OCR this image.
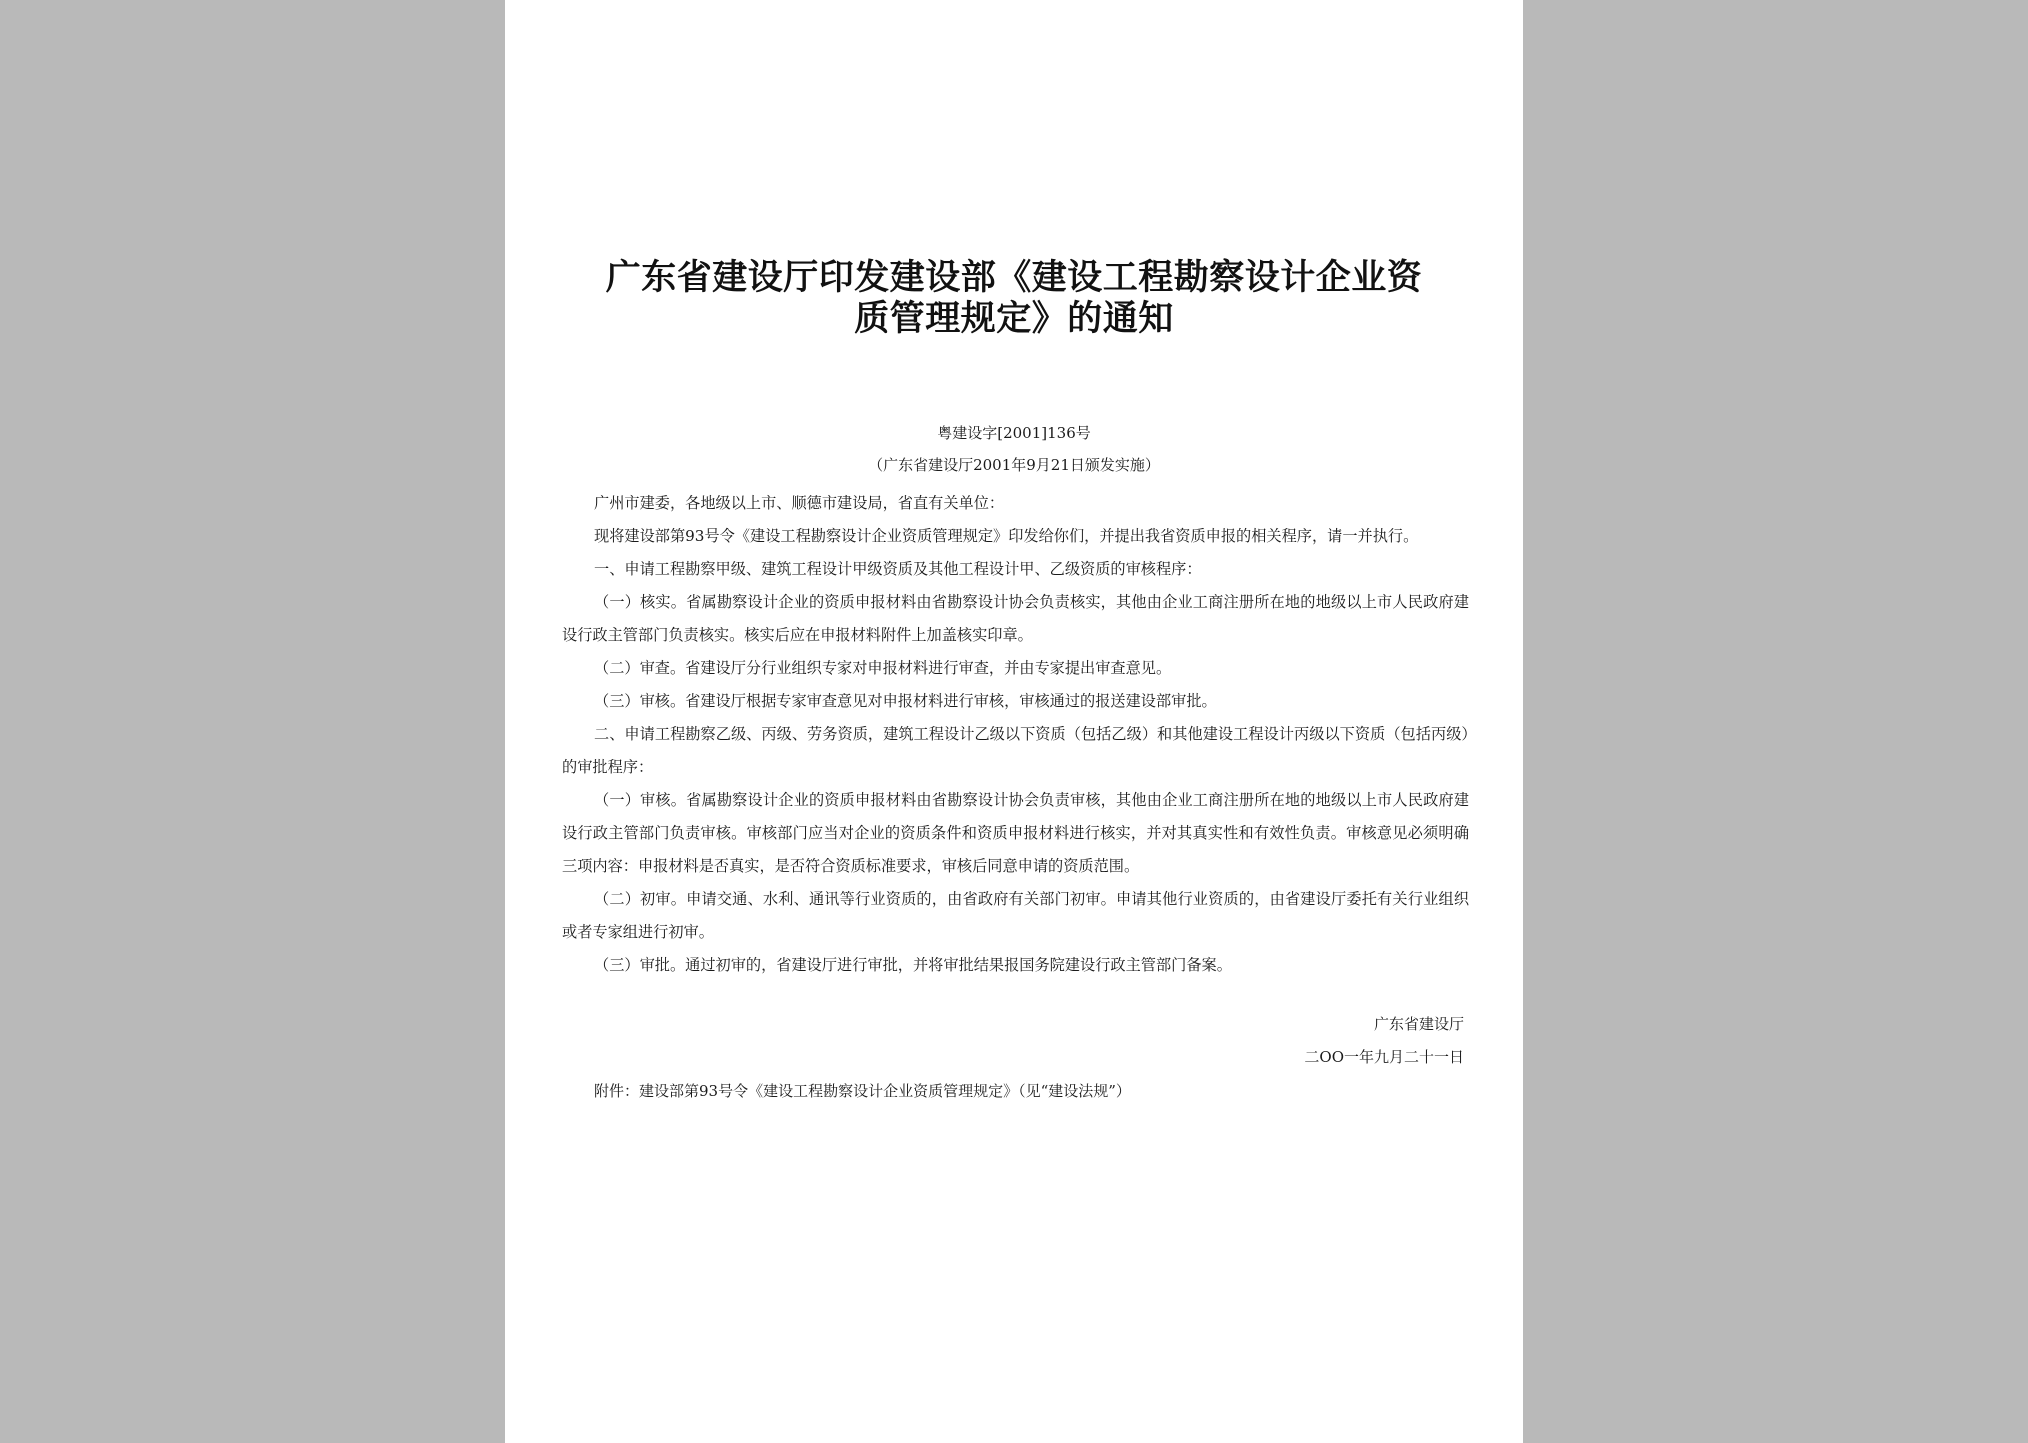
广东省建设厅印发建设部《建设工程勘察设计企业资
质管理规定》的通知
粤建设字[2001]136号
（广东省建设厅2001年9月21日颁发实施）

广州市建委，各地级以上市、顺德市建设局，省直有关单位：

现将建设部第93号令《建设工程勘察设计企业资质管理规定》印发给你们，并提出我省资质申报的相关程序，请一并执行。

一、申请工程勘察甲级、建筑工程设计甲级资质及其他工程设计甲、乙级资质的审核程序：

（一）核实。省属勘察设计企业的资质申报材料由省勘察设计协会负责核实，其他由企业工商注册所在地的地级以上市人民政府建设行政主管部门负责核实。核实后应在申报材料附件上加盖核实印章。

（二）审查。省建设厅分行业组织专家对申报材料进行审查，并由专家提出审查意见。

（三）审核。省建设厅根据专家审查意见对申报材料进行审核，审核通过的报送建设部审批。

二、申请工程勘察乙级、丙级、劳务资质，建筑工程设计乙级以下资质（包括乙级）和其他建设工程设计丙级以下资质（包括丙级）的审批程序：

（一）审核。省属勘察设计企业的资质申报材料由省勘察设计协会负责审核，其他由企业工商注册所在地的地级以上市人民政府建设行政主管部门负责审核。审核部门应当对企业的资质条件和资质申报材料进行核实，并对其真实性和有效性负责。审核意见必须明确三项内容：申报材料是否真实，是否符合资质标准要求，审核后同意申请的资质范围。

（二）初审。申请交通、水利、通讯等行业资质的，由省政府有关部门初审。申请其他行业资质的，由省建设厅委托有关行业组织或者专家组进行初审。

（三）审批。通过初审的，省建设厅进行审批，并将审批结果报国务院建设行政主管部门备案。

广东省建设厅
二OO一年九月二十一日
附件：建设部第93号令《建设工程勘察设计企业资质管理规定》（见“建设法规”）
